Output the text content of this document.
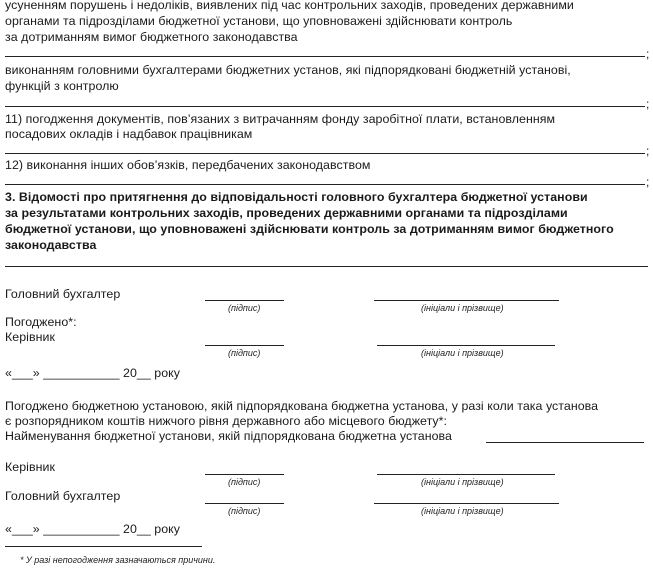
усуненням порушень і недоліків, виявлених під час контрольних заходів, проведених державними
органами та підрозділами бюджетної установи, що уповноважені здійснювати контроль
за дотриманням вимог бюджетного законодавства
;
виконанням головними бухгалтерами бюджетних установ, які підпорядковані бюджетній установі,
функцій з контролю
;
11) погодження документів, пов’язаних з витрачанням фонду заробітної плати, встановленням
посадових окладів і надбавок працівникам
;
12) виконання інших обов’язків, передбачених законодавством
;
3. Відомості про притягнення до відповідальності головного бухгалтера бюджетної установи
за результатами контрольних заходів, проведених державними органами та підрозділами
бюджетної установи, що уповноважені здійснювати контроль за дотриманням вимог бюджетного
законодавства
Головний бухгалтер
(підпис)	(ініціали і прізвище)
Погоджено*:
Керівник
(підпис)	(ініціали і прізвище)
«___» ___________ 20__ року
Погоджено бюджетною установою, якій підпорядкована бюджетна установа, у разі коли така установа
є розпорядником коштів нижчого рівня державного або місцевого бюджету*:
Найменування бюджетної установи, якій підпорядкована бюджетна установа
Керівник
(підпис)	(ініціали і прізвище)
Головний бухгалтер
(підпис)	(ініціали і прізвище)
«___» ___________ 20__ року
* У разі непогодження зазначаються причини.
